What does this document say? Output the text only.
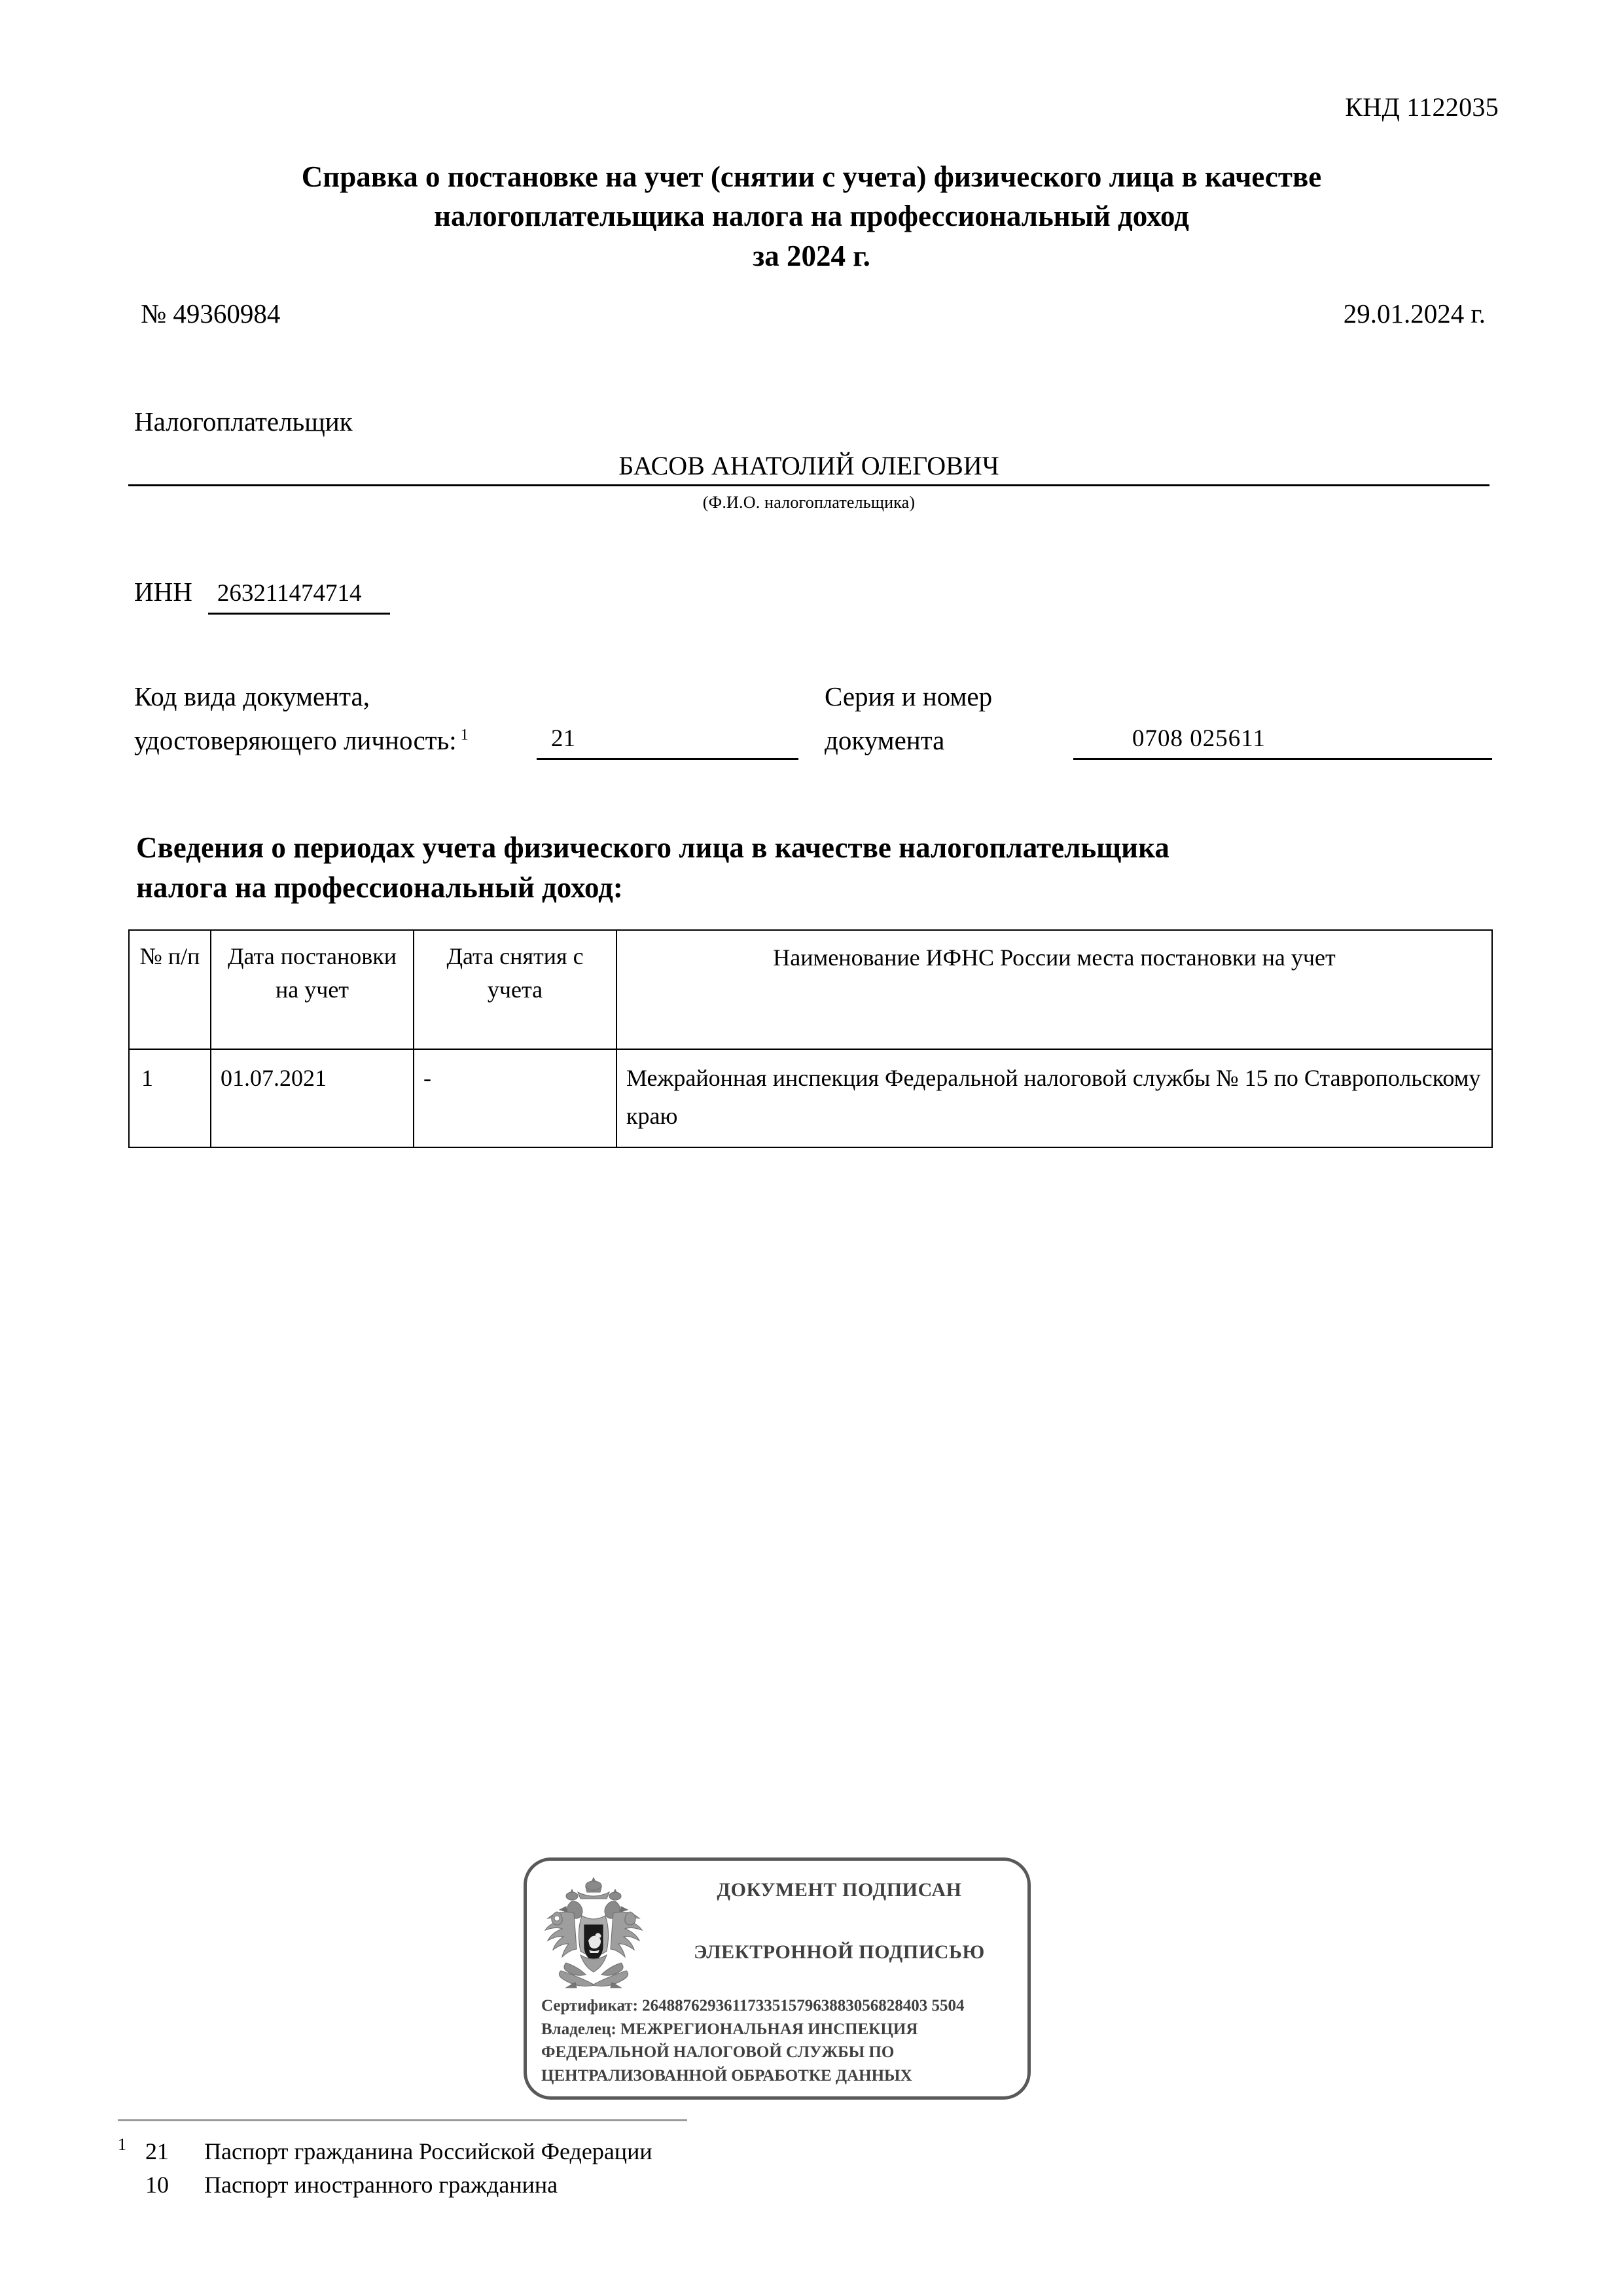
КНД 1122035
Справка о постановке на учет (снятии с учета) физического лица в качестве
налогоплательщика налога на профессиональный доход
за 2024 г.
№ 49360984	29.01.2024 г.
Налогоплательщик
БАСОВ АНАТОЛИЙ ОЛЕГОВИЧ
(Ф.И.О. налогоплательщика)
ИНН	263211474714
Код вида документа,	Серия и номер
удостоверяющего личность: $^1$	21	документа	0708 025611
Сведения о периодах учета физического лица в качестве налогоплательщика
налога на профессиональный доход:
№ п/п	Дата постановки на учет	Дата снятия с учета	Наименование ИФНС России места постановки на учет
1	01.07.2021	-	Межрайонная инспекция Федеральной налоговой службы № 15 по Ставропольскому краю
ДОКУМЕНТ ПОДПИСАН
ЭЛЕКТРОННОЙ ПОДПИСЬЮ
Сертификат: 26488762936117335157963883056828403 5504
Владелец: МЕЖРЕГИОНАЛЬНАЯ ИНСПЕКЦИЯ
ФЕДЕРАЛЬНОЙ НАЛОГОВОЙ СЛУЖБЫ ПО
ЦЕНТРАЛИЗОВАННОЙ ОБРАБОТКЕ ДАННЫХ
1 21	Паспорт гражданина Российской Федерации
10	Паспорт иностранного гражданина
